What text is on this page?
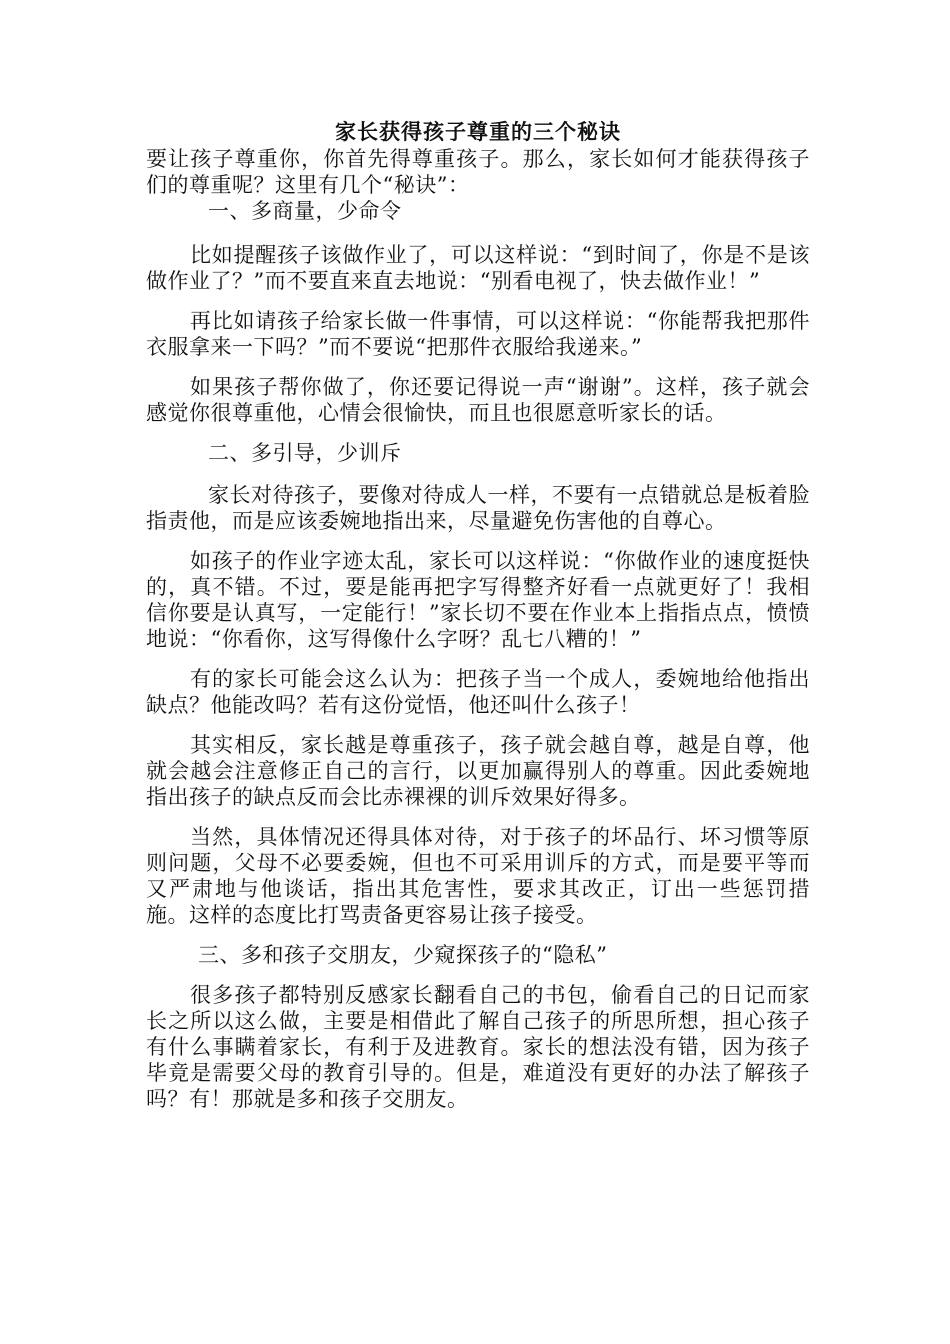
家长获得孩子尊重的三个秘诀

要让孩子尊重你，你首先得尊重孩子。那么，家长如何才能获得孩子们的尊重呢？这里有几个“秘诀”：

一、多商量，少命令

比如提醒孩子该做作业了，可以这样说：“到时间了，你是不是该做作业了？”而不要直来直去地说：“别看电视了，快去做作业！”

再比如请孩子给家长做一件事情，可以这样说：“你能帮我把那件衣服拿来一下吗？”而不要说“把那件衣服给我递来。”

如果孩子帮你做了，你还要记得说一声“谢谢”。这样，孩子就会感觉你很尊重他，心情会很愉快，而且也很愿意听家长的话。

二、多引导，少训斥

家长对待孩子，要像对待成人一样，不要有一点错就总是板着脸指责他，而是应该委婉地指出来，尽量避免伤害他的自尊心。

如孩子的作业字迹太乱，家长可以这样说：“你做作业的速度挺快的，真不错。不过，要是能再把字写得整齐好看一点就更好了！我相信你要是认真写，一定能行！”家长切不要在作业本上指指点点，愤愤地说：“你看你，这写得像什么字呀？乱七八糟的！”

有的家长可能会这么认为：把孩子当一个成人，委婉地给他指出缺点？他能改吗？若有这份觉悟，他还叫什么孩子！

其实相反，家长越是尊重孩子，孩子就会越自尊，越是自尊，他就会越会注意修正自己的言行，以更加赢得别人的尊重。因此委婉地指出孩子的缺点反而会比赤裸裸的训斥效果好得多。

当然，具体情况还得具体对待，对于孩子的坏品行、坏习惯等原则问题，父母不必要委婉，但也不可采用训斥的方式，而是要平等而又严肃地与他谈话，指出其危害性，要求其改正，订出一些惩罚措施。这样的态度比打骂责备更容易让孩子接受。

三、多和孩子交朋友，少窥探孩子的“隐私”

很多孩子都特别反感家长翻看自己的书包，偷看自己的日记而家长之所以这么做，主要是相借此了解自己孩子的所思所想，担心孩子有什么事瞒着家长，有利于及进教育。家长的想法没有错，因为孩子毕竟是需要父母的教育引导的。但是，难道没有更好的办法了解孩子吗？有！那就是多和孩子交朋友。
